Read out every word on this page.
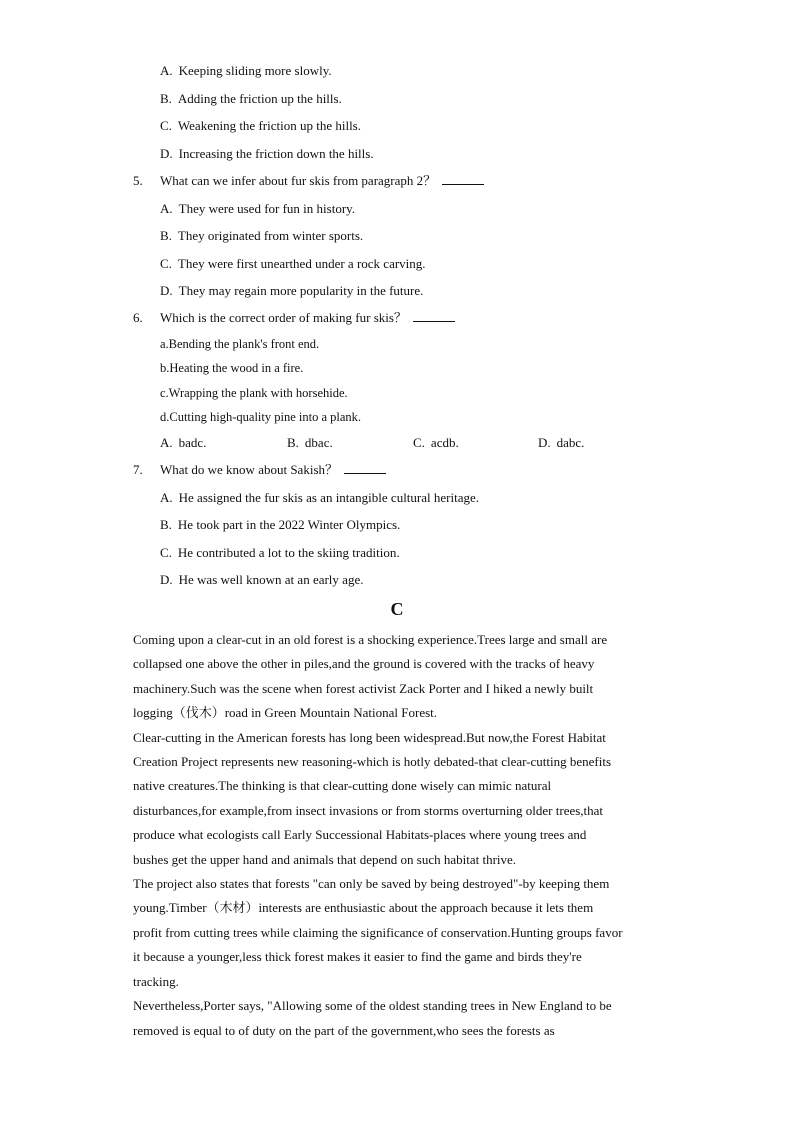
A. Keeping sliding more slowly.
B. Adding the friction up the hills.
C. Weakening the friction up the hills.
D. Increasing the friction down the hills.
5. What can we infer about fur skis from paragraph 2？
A. They were used for fun in history.
B. They originated from winter sports.
C. They were first unearthed under a rock carving.
D. They may regain more popularity in the future.
6. Which is the correct order of making fur skis？
a.Bending the plank's front end.
b.Heating the wood in a fire.
c.Wrapping the plank with horsehide.
d.Cutting high-quality pine into a plank.
A. badc.	B. dbac.	C. acdb.	D. dabc.
7. What do we know about Sakish？
A. He assigned the fur skis as an intangible cultural heritage.
B. He took part in the 2022 Winter Olympics.
C. He contributed a lot to the skiing tradition.
D. He was well known at an early age.
C

Coming upon a clear-cut in an old forest is a shocking experience.Trees large and small are

collapsed one above the other in piles,and the ground is covered with the tracks of heavy

machinery.Such was the scene when forest activist Zack Porter and I hiked a newly built

logging（伐木）road in Green Mountain National Forest.

Clear-cutting in the American forests has long been widespread.But now,the Forest Habitat

Creation Project represents new reasoning-which is hotly debated-that clear-cutting benefits

native creatures.The thinking is that clear-cutting done wisely can mimic natural

disturbances,for example,from insect invasions or from storms overturning older trees,that

produce what ecologists call Early Successional Habitats-places where young trees and

bushes get the upper hand and animals that depend on such habitat thrive.

The project also states that forests "can only be saved by being destroyed"-by keeping them

young.Timber（木材）interests are enthusiastic about the approach because it lets them

profit from cutting trees while claiming the significance of conservation.Hunting groups favor

it because a younger,less thick forest makes it easier to find the game and birds they're

tracking.

Nevertheless,Porter says, "Allowing some of the oldest standing trees in New England to be

removed is equal to of duty on the part of the government,who sees the forests as
